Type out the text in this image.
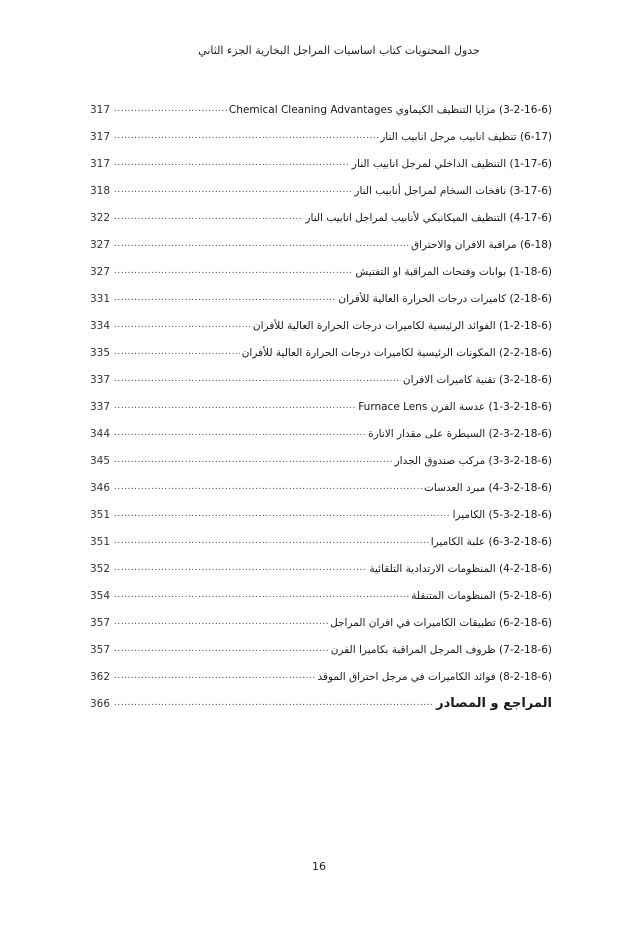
جدول المحتويات كتاب اساسيات المراجل البخارية الجزء الثاني
317 .....	(3-2-16-6) مزايا التنظيف الكيماوي Chemical Cleaning Advantages
317 .....	(6-17) تنظيف انابيب مرجل انابيب النار
317 .....	(1-17-6) التنظيف الداخلي لمرجل انابيب النار
318 .....	(3-17-6) نافخات السخام لمراجل أنابيب النار
322 .....	(4-17-6) التنظيف الميكانيكي لأنابيب لمراجل انابيب النار
327 .....	(6-18) مراقبة الافران والاحتراق
327 .....	(1-18-6) بوابات وفتحات المراقبة او التفتيش
331 .....	(2-18-6) كاميرات درجات الحرارة العالية للأفران
334 .....	(1-2-18-6) الفوائد الرئيسية لكاميرات درجات الحرارة العالية للأفران
335 .....	(2-2-18-6) المكونات الرئيسية لكاميرات درجات الحرارة العالية للأفران
337 .....	(3-2-18-6) تقنية كاميرات الافران
337 .....	(1-3-2-18-6) عدسة الفرن Furnace Lens
344 .....	(2-3-2-18-6) السيطرة على مقدار الانارة
345 .....	(3-3-2-18-6) مركب صندوق الجدار
346 .....	(4-3-2-18-6) مبرد العدسات
351 .....	(5-3-2-18-6) الكاميرا
351 .....	(6-3-2-18-6) علبة الكاميرا
352 .....	(4-2-18-6) المنظومات الارتدادية التلقائية
354 .....	(5-2-18-6) المنظومات المتنقلة
357 .....	(6-2-18-6) تطبيقات الكاميرات في افران المراجل
357 .....	(7-2-18-6) ظروف المرجل المراقبة بكاميرا الفرن
362 .....	(8-2-18-6) فوائد الكاميرات في مرجل احتراق الموقد
366 .....	المراجع و المصادر
16
